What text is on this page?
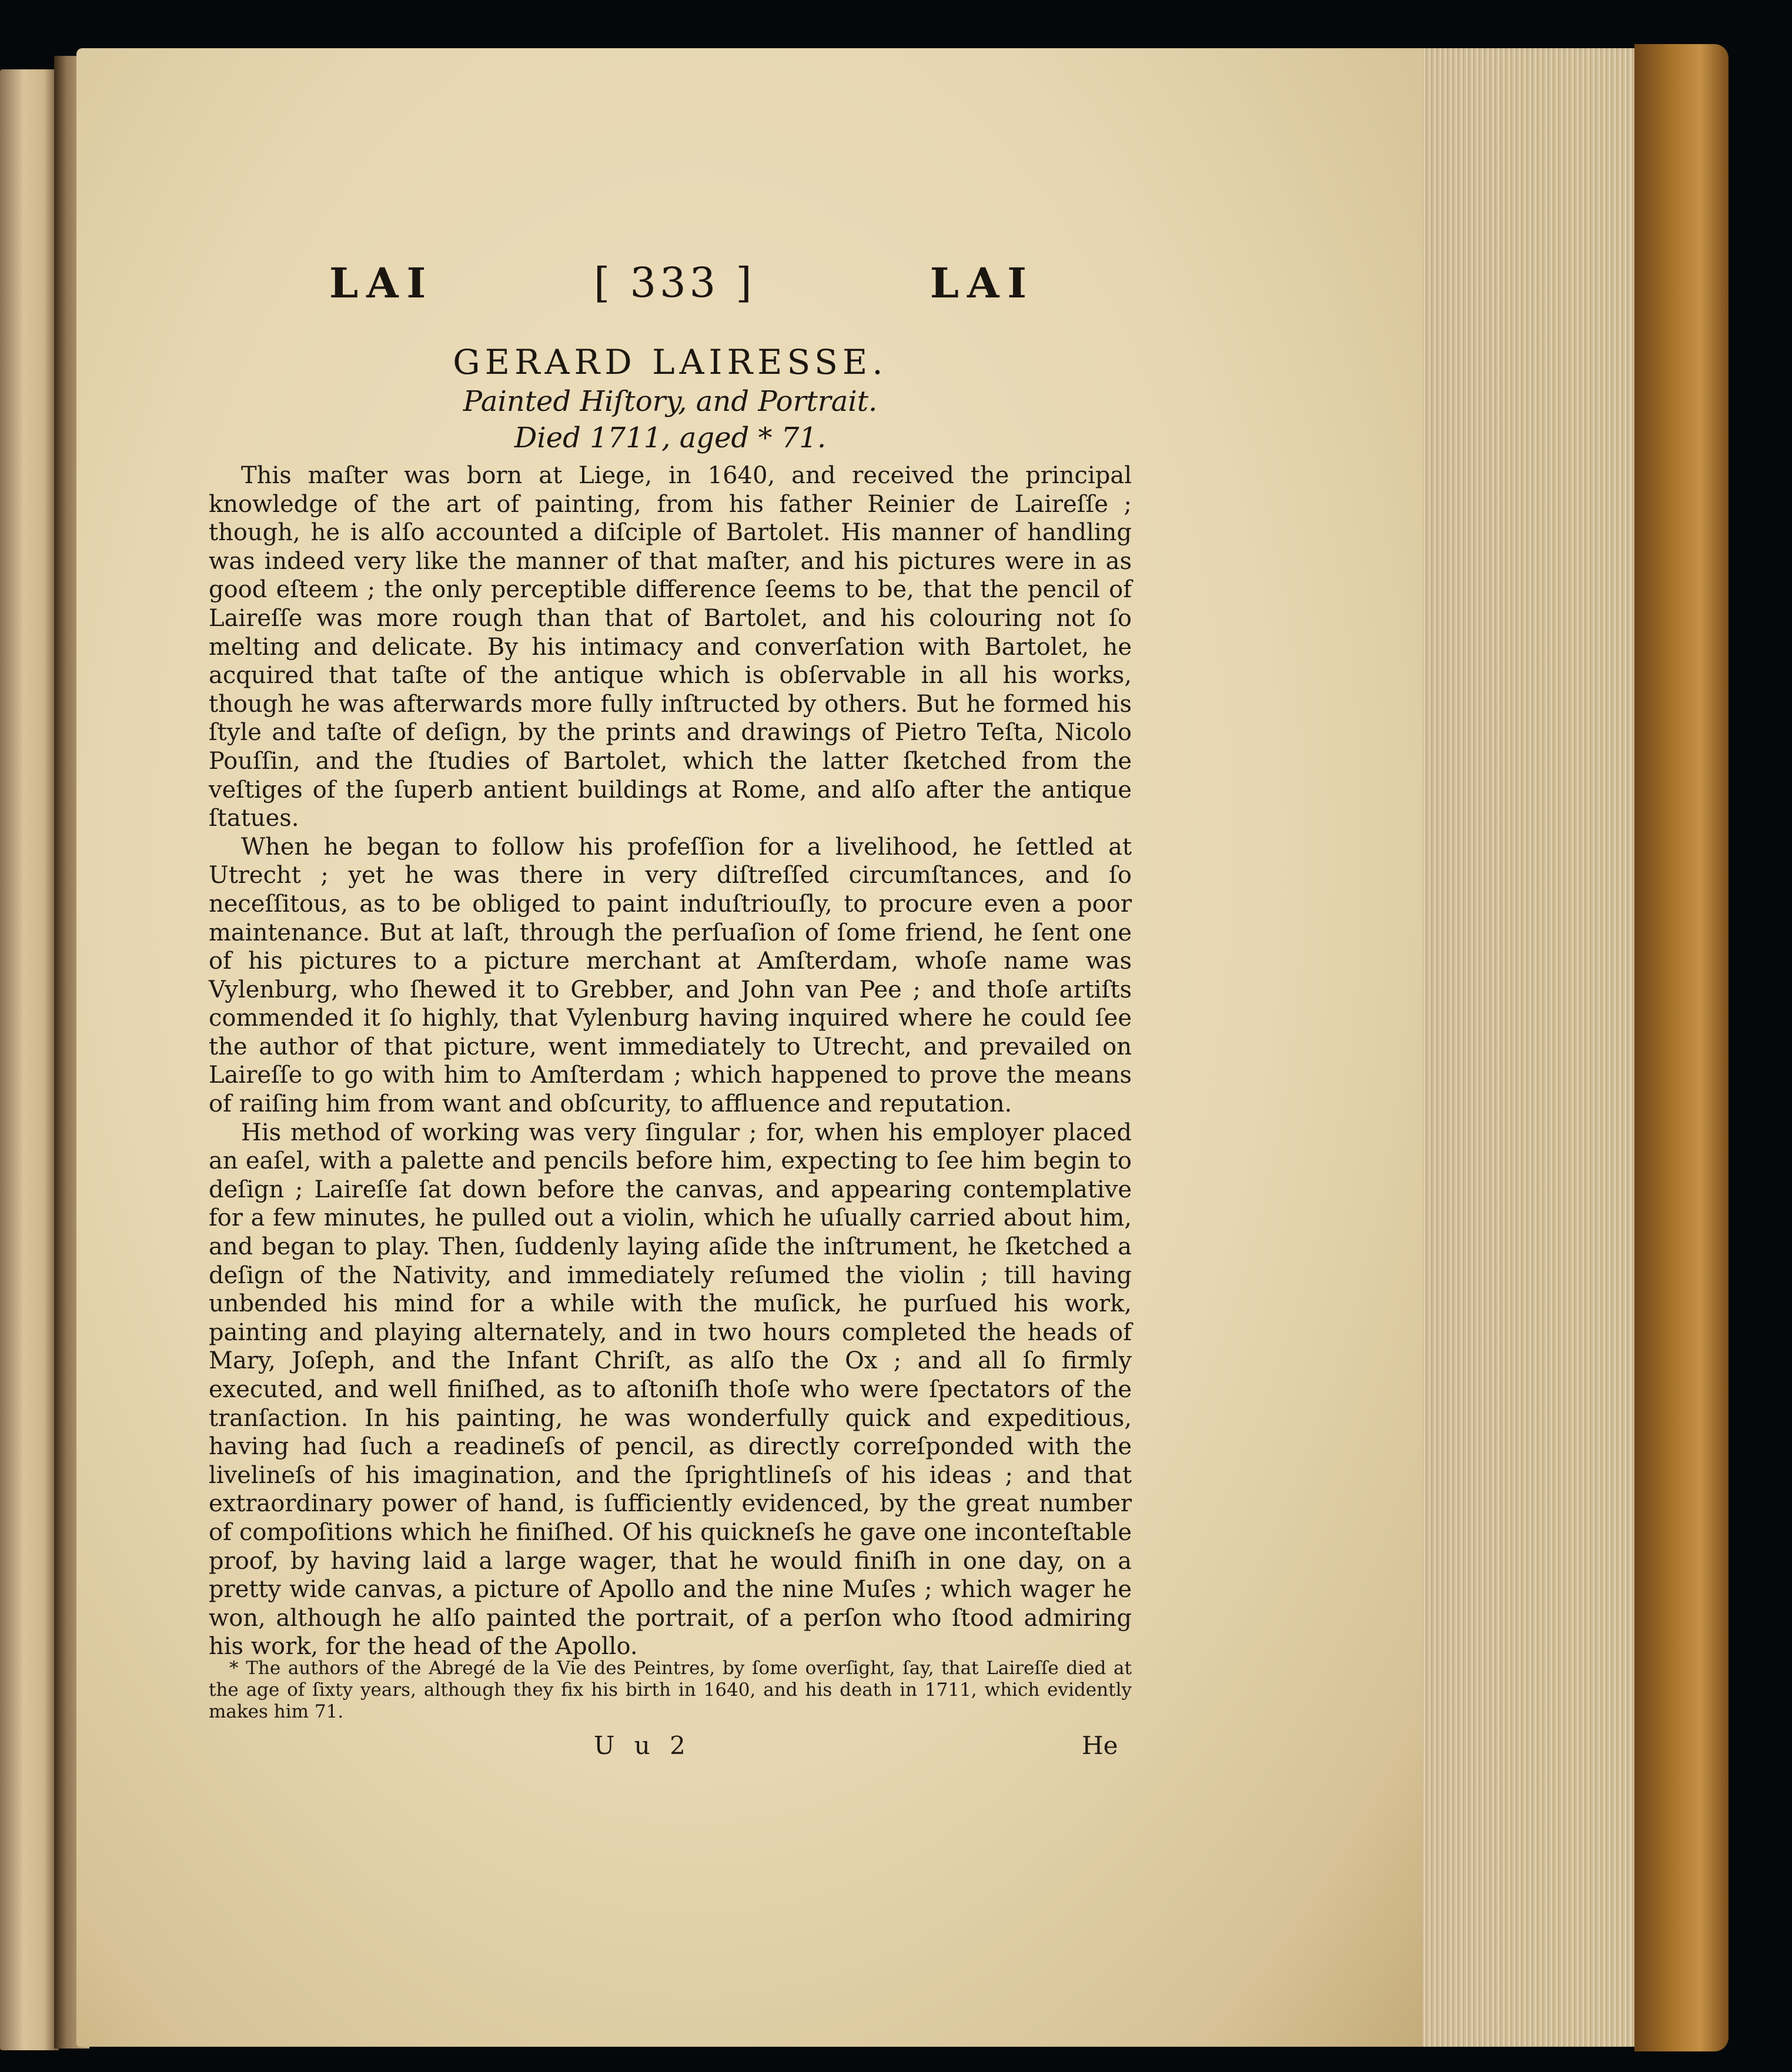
LAI	[ 333 ]	LAI
GERARD LAIRESSE.
Painted Hiſtory, and Portrait.
Died 1711, aged * 71.

This maſter was born at Liege, in 1640, and received the principal knowledge of the art of painting, from his father Reinier de Laireſſe ; though, he is alſo accounted a diſciple of Bartolet. His manner of handling was indeed very like the manner of that maſter, and his pictures were in as good eſteem ; the only perceptible difference ſeems to be, that the pencil of Laireſſe was more rough than that of Bartolet, and his colouring not ſo melting and delicate. By his intimacy and converſation with Bartolet, he acquired that taſte of the antique which is obſervable in all his works, though he was afterwards more fully inſtructed by others. But he formed his ſtyle and taſte of deſign, by the prints and drawings of Pietro Teſta, Nicolo Pouſſin, and the ſtudies of Bartolet, which the latter ſketched from the veſtiges of the ſuperb antient buildings at Rome, and alſo after the antique ſtatues.

When he began to follow his profeſſion for a livelihood, he ſettled at Utrecht ; yet he was there in very diſtreſſed circumſtances, and ſo neceſſitous, as to be obliged to paint induſtriouſly, to procure even a poor maintenance. But at laſt, through the perſuaſion of ſome friend, he ſent one of his pictures to a picture merchant at Amſterdam, whoſe name was Vylenburg, who ſhewed it to Grebber, and John van Pee ; and thoſe artiſts commended it ſo highly, that Vylenburg having inquired where he could ſee the author of that picture, went immediately to Utrecht, and prevailed on Laireſſe to go with him to Amſterdam ; which happened to prove the means of raiſing him from want and obſcurity, to affluence and reputation.

His method of working was very ſingular ; for, when his employer placed an eaſel, with a palette and pencils before him, expecting to ſee him begin to deſign ; Laireſſe ſat down before the canvas, and appearing contemplative for a few minutes, he pulled out a violin, which he uſually carried about him, and began to play. Then, ſuddenly laying aſide the inſtrument, he ſketched a deſign of the Nativity, and immediately reſumed the violin ; till having unbended his mind for a while with the muſick, he purſued his work, painting and playing alternately, and in two hours completed the heads of Mary, Joſeph, and the Infant Chriſt, as alſo the Ox ; and all ſo firmly executed, and well finiſhed, as to aſtoniſh thoſe who were ſpectators of the tranſaction. In his painting, he was wonderfully quick and expeditious, having had ſuch a readineſs of pencil, as directly correſponded with the livelineſs of his imagination, and the ſprightlineſs of his ideas ; and that extraordinary power of hand, is ſufficiently evidenced, by the great number of compoſitions which he finiſhed. Of his quickneſs he gave one inconteſtable proof, by having laid a large wager, that he would finiſh in one day, on a pretty wide canvas, a picture of Apollo and the nine Muſes ; which wager he won, although he alſo painted the portrait, of a perſon who ſtood admiring his work, for the head of the Apollo.

* The authors of the Abregé de la Vie des Peintres, by ſome overſight, ſay, that Laireſſe died at the age of ſixty years, although they fix his birth in 1640, and his death in 1711, which evidently makes him 71.
U u 2	He
